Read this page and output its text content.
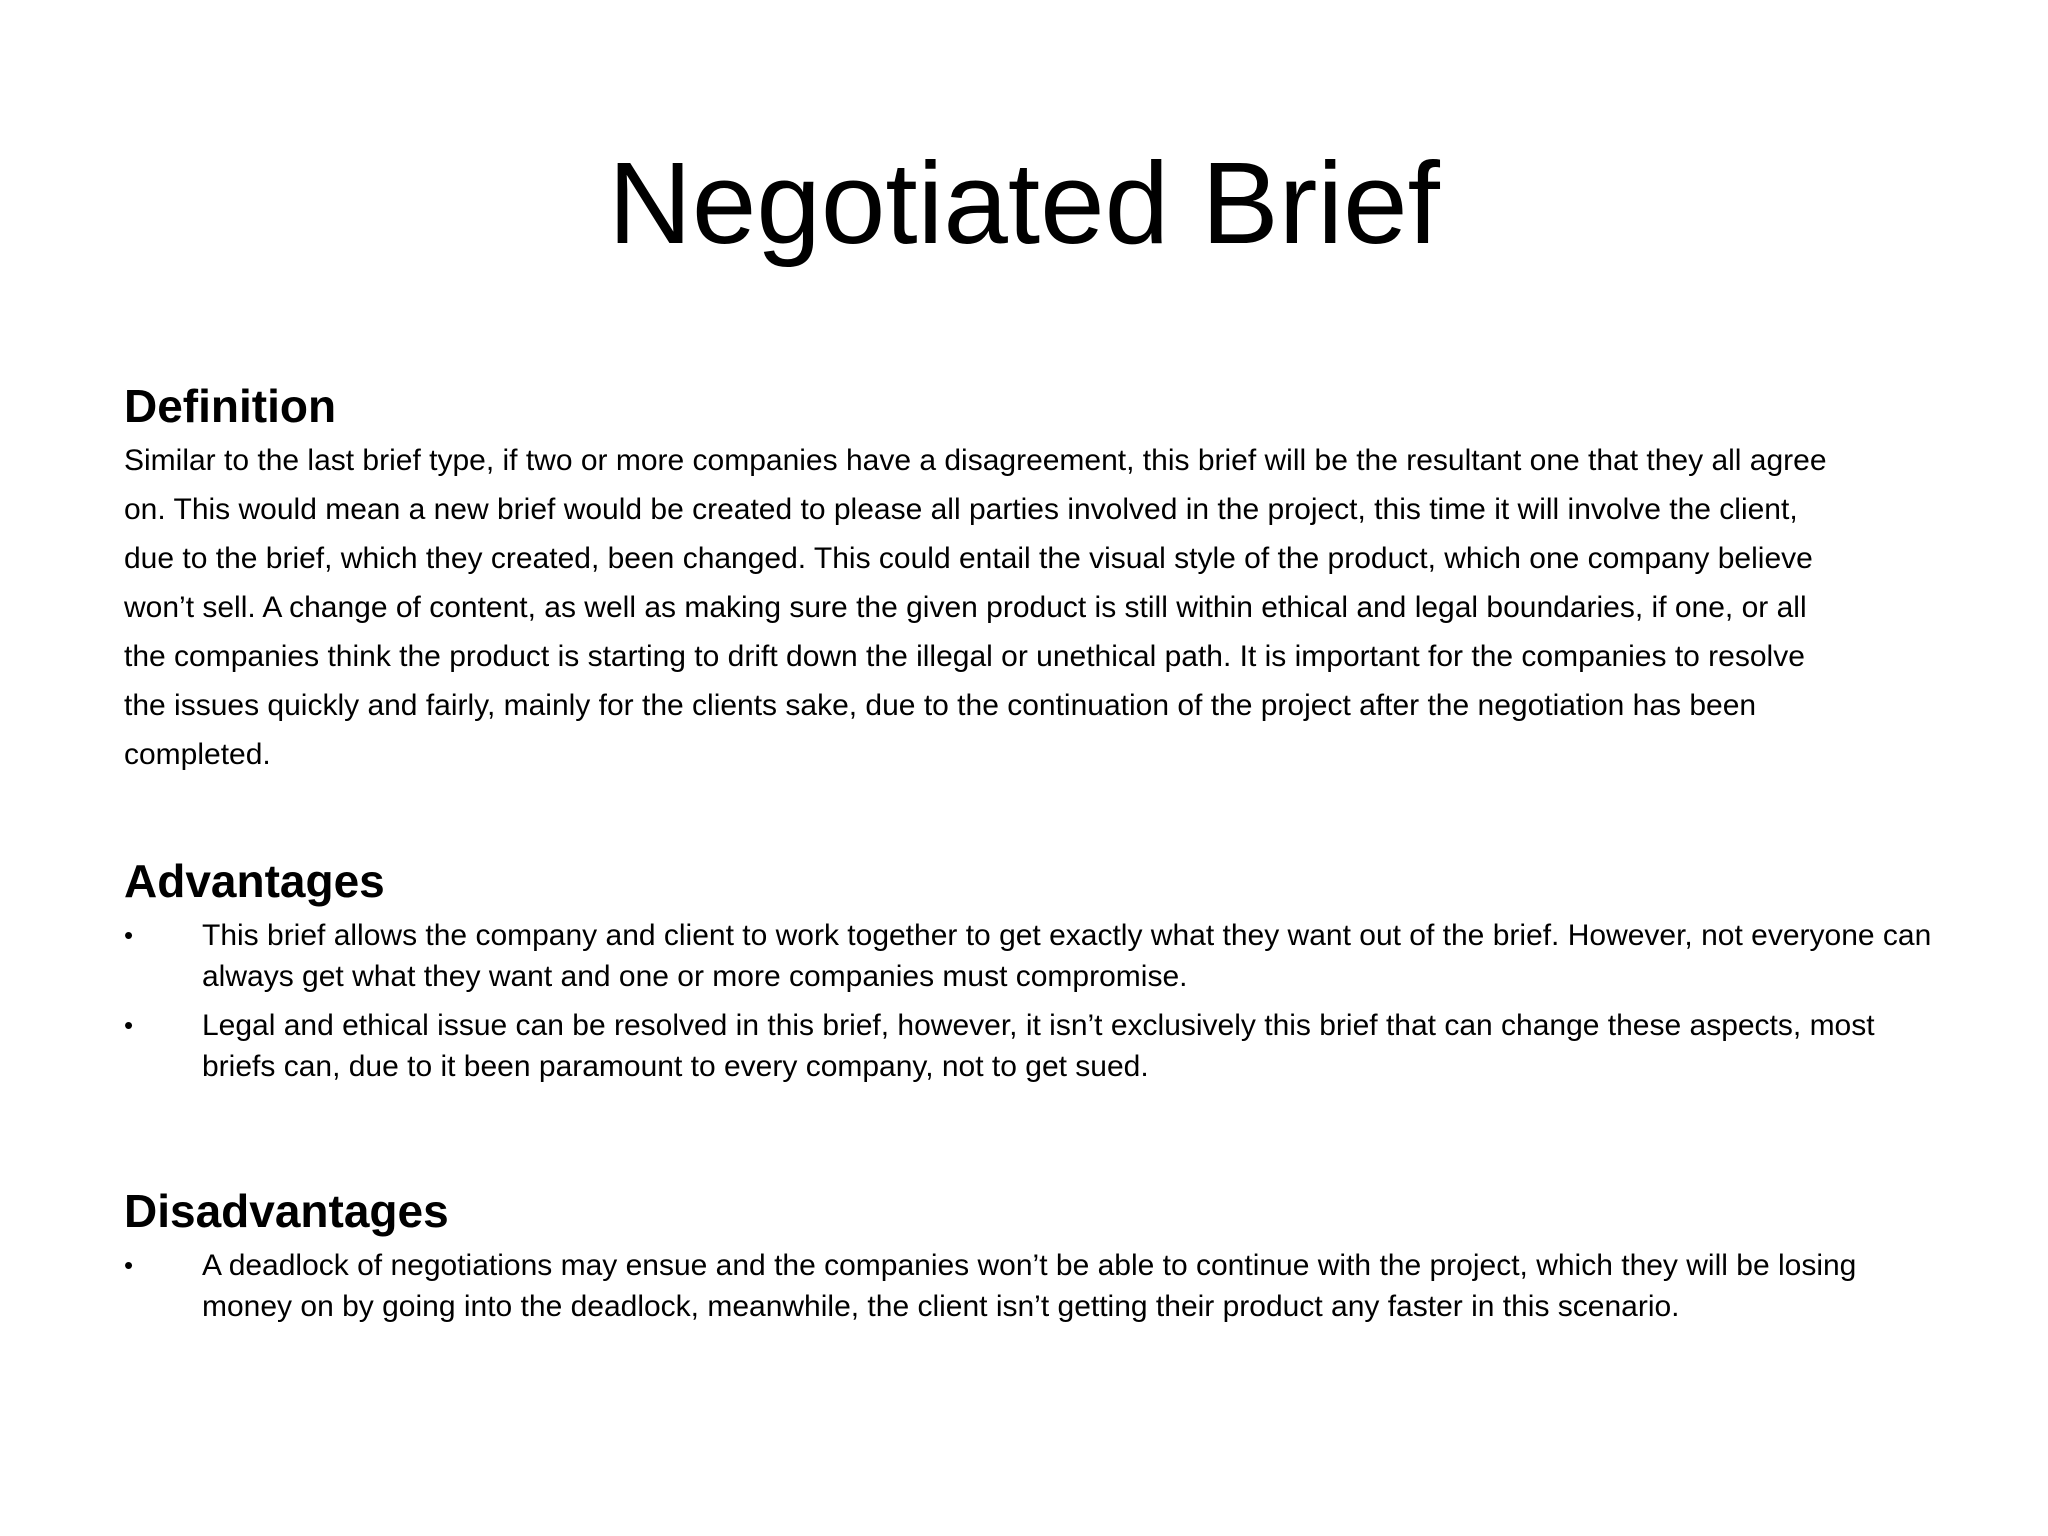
Negotiated Brief
Definition

Similar to the last brief type, if two or more companies have a disagreement, this brief will be the resultant one that they all agree

on. This would mean a new brief would be created to please all parties involved in the project, this time it will involve the client,

due to the brief, which they created, been changed. This could entail the visual style of the product, which one company believe

won’t sell. A change of content, as well as making sure the given product is still within ethical and legal boundaries, if one, or all

the companies think the product is starting to drift down the illegal or unethical path. It is important for the companies to resolve

the issues quickly and fairly, mainly for the clients sake, due to the continuation of the project after the negotiation has been

completed.

Advantages
•	This brief allows the company and client to work together to get exactly what they want out of the brief. However, not everyone can always get what they want and one or more companies must compromise.
•	Legal and ethical issue can be resolved in this brief, however, it isn’t exclusively this brief that can change these aspects, most briefs can, due to it been paramount to every company, not to get sued.
Disadvantages
•	A deadlock of negotiations may ensue and the companies won’t be able to continue with the project, which they will be losing money on by going into the deadlock, meanwhile, the client isn’t getting their product any faster in this scenario.
